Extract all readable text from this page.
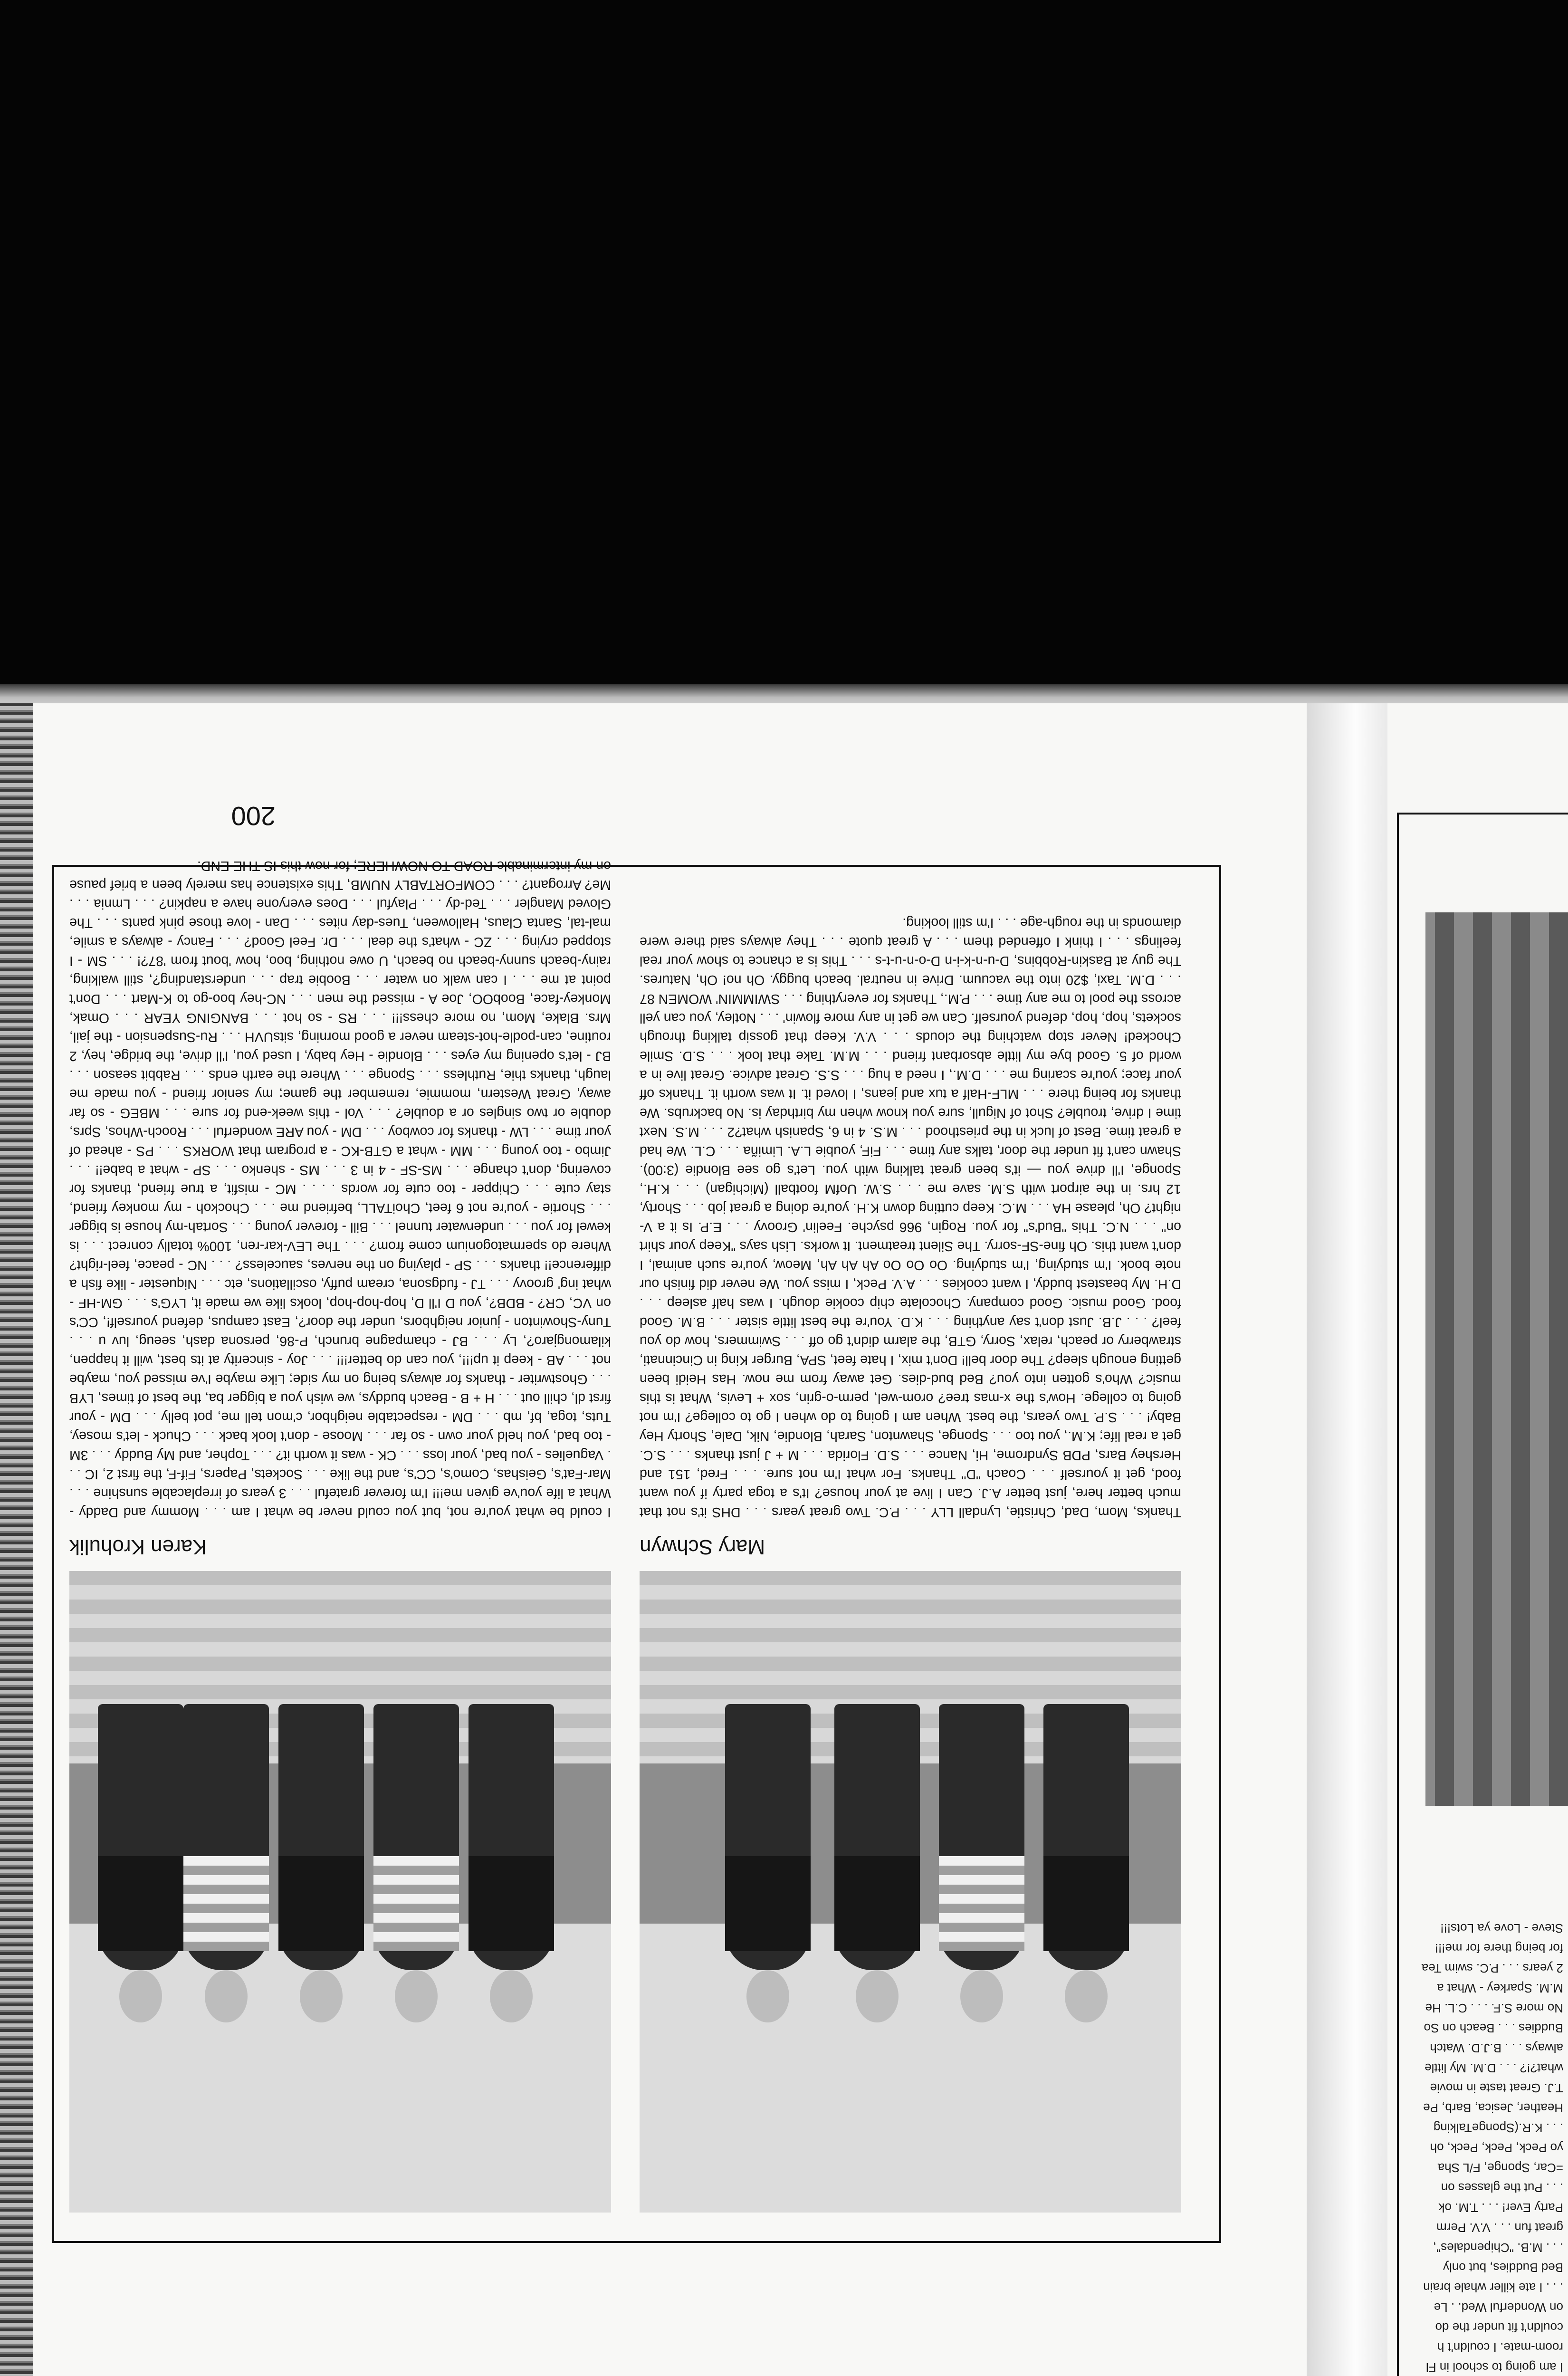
I am going to school in Fl

room-mate. I couldn't h

couldn't fit under the do

on Wonderful Wed. . Le

. . . I ate killer whale brain

Bed Buddies, but only

. . . M.B. "Chipendales",

great fun . . . V.V. Perm

Party Ever! . . . T.M. ok

. . . Put the glasses on

=Car, Sponge, F/L Sha

yo Peck, Peck, Peck, oh

. . . K.R.(SpongeTalking

Heather, Jesica, Barb, Pe

T.J. Great taste in movie

what?!? . . . D.M. My little

always . . . B.J.D. Watch

Buddies . . . Beach on So

No more S.F. . . . C.L. He

M.M. Sparkey - What a

2 years . . . P.C. swim Tea

for being there for me!!!

Steve - Love ya Lots!!!

Mary Schwyn
Thanks, Mom, Dad, Christie, Lyndall LLY . . . P.C. Two great years . . . DHS it's not that much better here, just better A.J. Can I live at your house? It's a toga party if you want food, get it yourself . . . Coach "D" Thanks. For what I'm not sure. . . . Fred, 151 and Hershey Bars, PDB Syndrome, Hi, Nance . . . S.D. Florida . . . M + J just thanks . . . S.C. get a real life; K.M., you too . . . Sponge, Shawnton, Sarah, Blondie, Nik, Dale, Shorty Hey Baby! . . . S.P. Two years, the best. When am I going to do when I go to college? I'm not going to college. How's the x-mas tree? orom-wel, perm-o-grin, sox + Levis, What is this music? Who's gotten into you? Bed bud-dies. Get away from me now. Has Heidi been getting enough sleep? The door bell! Don't mix, I hate feet, SPA, Burger King in Cincinnati, strawberry or peach, relax, Sorry, GTB, the alarm didn't go off . . . Swimmers, how do you feel? . . . J.B. Just don't say anything . . . K.D. You're the best little sister . . . B.M. Good food. Good music. Good company. Chocolate chip cookie dough. I was half asleep . . . D.H. My beastest buddy, I want cookies . . . A.V. Peck, I miss you. We never did finish our note book. I'm studying, I'm studying. Oo Oo Oo Ah Ah Ah, Meow, you're such animal, I don't want this. Oh fine-SF-sorry. The Silent treatment. It works. Lish says "Keep your shirt on" . . . N.C. This "Bud's" for you. Rogin, 966 psyche. Feelin' Groovy . . . E.P. Is it a V-night? Oh, please HA . . . M.C. Keep cutting down K.H. you're doing a great job . . . Shorty, 12 hrs. in the airport with S.M. save me . . . S.W. UofM football (Michigan) . . . K.H., Sponge, I'll drive you — it's been great talking with you. Let's go see Blondie (3:00). Shawn can't fit under the door, talks any time . . . FiF, youbie L.A. Limiña . . . C.L. We had a great time. Best of luck in the priesthood . . . M.S. 4 in 6, Spanish what?2 . . . M.S. Next time I drive, trouble? Shot of Nigull, sure you know when my birthday is. No backrubs. We thanks for being there . . . MLF-Half a tux and jeans, I loved it. It was worth it. Thanks off your face; you're scaring me . . . D.M., I need a hug . . . S.S. Great advice. Great live in a world of 5. Good bye my little absorbant friend . . . M.M. Take that look . . . S.D. Smile Chocked! Never stop watching the clouds . . . V.V. Keep that gossip talking through sockets, hop, hop, defend yourself. Can we get in any more flowin' . . . Notley, you can yell across the pool to me any time . . . P.M., Thanks for everything . . . SWIMMIN' WOMEN 87 . . . D.M. Taxi, $20 into the vacuum. Drive in neutral. beach buggy. Oh no! Oh, Natures. The guy at Baskin-Robbins, D-u-n-k-i-n D-o-n-u-t-s . . . This is a chance to show your real feelings . . . I think I offended them . . . A great quote . . . They always said there were diamonds in the rough-age . . . I'm still looking.
Karen Krohulik
I could be what you're not, but you could never be what I am . . . Mommy and Daddy - What a life you've given me!!! I'm forever grateful . . . 3 years of irreplacable sunshine . . . Mar-Fat's, Geishas, Como's, CC's, and the like . . . Sockets, Papers, Fif-F, the first 2, IC . . . Vaguelies - you bad, your loss . . . CK - was it worth it? . . . Topher, and My Buddy . . . 3M - too bad, you held your own - so far . . . Moose - don't look back . . . Chuck - let's mosey, Tuts, toga, bf, mb . . . DM - respectable neighbor, c'mon tell me, pot belly . . . DM - your first dl, chill out . . . H + B - Beach buddys, we wish you a bigger ba, the best of times, LYB . . . Ghostwriter - thanks for always being on my side; Like maybe I've missed you, maybe not . . . AB - keep it up!!!, you can do better!!! . . . Joy - sincerity at its best, will it happen, kilamongjaro?, Ly . . . BJ - champagne brunch, P-86, persona dash, seeug, luv u . . . Tuny-Showinton - junior neighbors, under the door?, East campus, defend yourself!, CC's on VC, CR? - BDB?, you D I'll D, hop-hop-hop, looks like we made it, LYG's . . . GM-HF - what ing' groovy . . . TJ - fudgsona, cream puffy, oscillations, etc . . . Niquester - like fish a difference!! thanks . . . SP - playing on the nerves, sauceless? . . . NC - peace, feel-right? Where do spermatogonium come from? . . . The LEV-kar-ren, 100% totally conrect . . . is kewel for you . . . underwater tunnel . . . Bill - forever young . . . Sortah-my house is bigger . . . Shortie - you're not 6 feet, ChoiTALL, befriend me . . . Chockoh - my monkey friend, stay cute . . . Chipper - too cute for words . . . . MC - misfit, a true friend, thanks for covering, don't change . . . MS-SF - 4 in 3 . . . MS - shenko . . . SP - what a babe!! . . . Jimbo - too young . . . MM - what a GTB-KC - a program that WORKS . . . PS - ahead of your time . . . LW - thanks for cowboy . . . DM - you ARE wonderful . . . Rooch-Whos, Sprs, double or two singles or a double? . . . Vol - this week-end for sure . . . MBEG - so far away, Great Western, mommie, remember the game; my senior friend - you made me laugh, thanks thie, Ruthless . . . Sponge . . . Where the earth ends . . . Rabbit season . . . BJ - let's opening my eyes . . . Blondie - Hey baby, I used you, I'll drive, the bridge, hey, 2 routine, can-podle-hot-steam never a good morning, sitsUVH . . . Ru-Suspension - the jail, Mrs. Blake, Mom, no more chess!!! . . . RS - so hot . . . BANGING YEAR . . . Omak, Monkey-face, BoobOO, Joe A - missed the men . . . NC-hey boo-go to K-Mart . . . Don't point at me . . . I can walk on water . . . Boobie trap . . . understanding?, still walking, rainy-beach sunny-beach no beach, U owe nothing, boo, how 'bout from '87?! . . . SM - I stopped crying . . . ZC - what's the deal . . . Dr. Feel Good? . . . Fancy - always a smile, mal-tal, Santa Claus, Halloween, Tues-day nites . . . Dan - love those pink pants . . . The Gloved Mangler . . . Ted-dy . . . Playful . . . Does everyone have a napkin? . . . Lmnia . . . Me? Arrogant? . . . COMFORTABLY NUMB, This existence has merely been a brief pause on my interminable ROAD TO NOWHERE; for now this IS THE END.
200
